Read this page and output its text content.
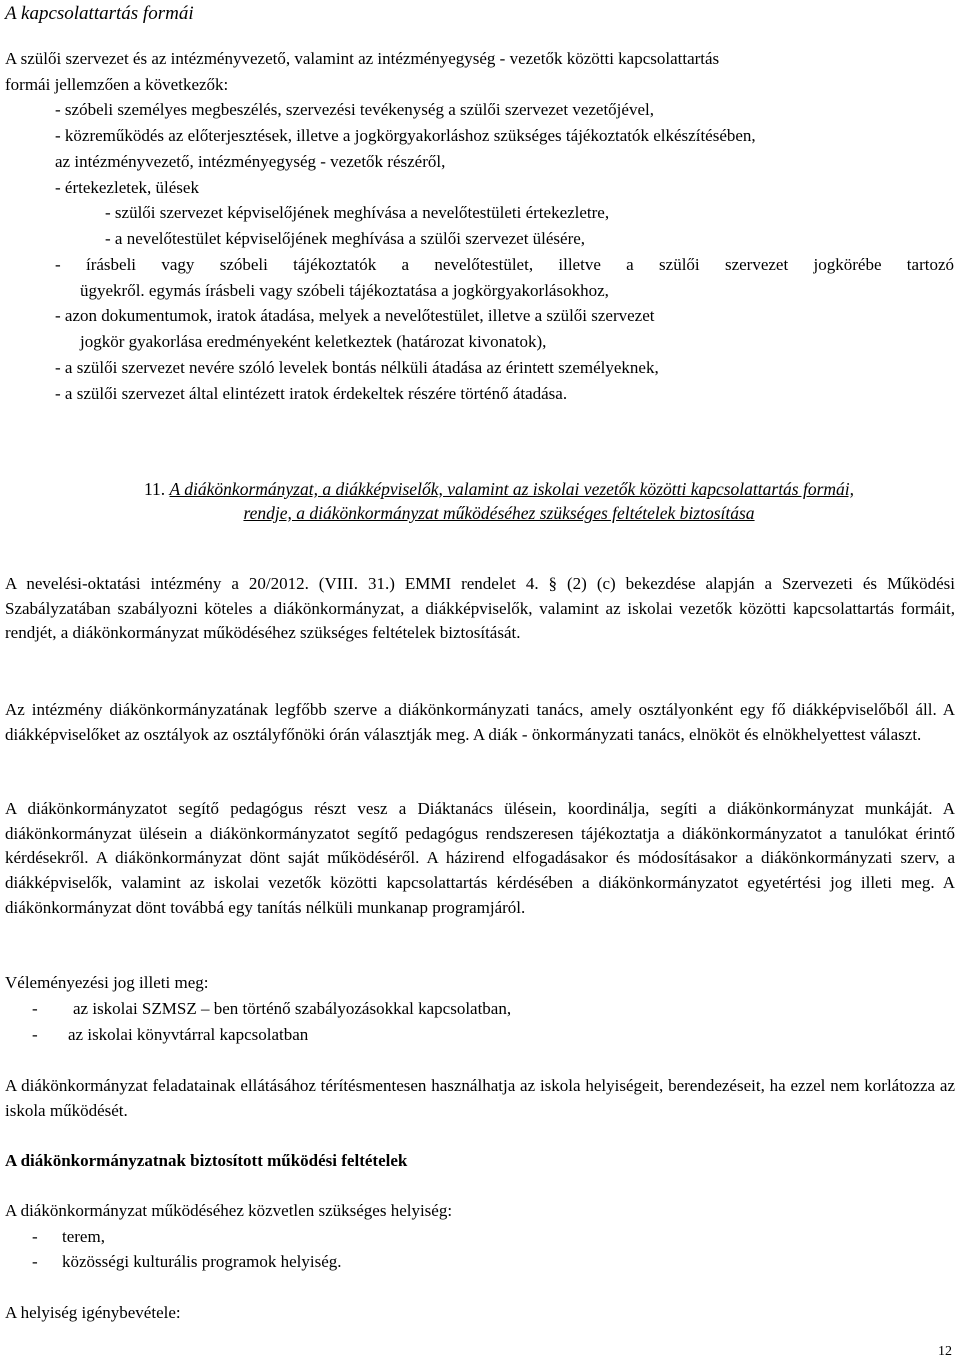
A kapcsolattartás formái
A szülői szervezet és az intézményvezető, valamint az intézményegység - vezetők közötti kapcsolattartás
formái jellemzően a következők:
- szóbeli személyes megbeszélés, szervezési tevékenység a szülői szervezet vezetőjével,
- közreműködés az előterjesztések, illetve a jogkörgyakorláshoz szükséges tájékoztatók elkészítésében,
az intézményvezető, intézményegység - vezetők részéről,
- értekezletek, ülések
- szülői szervezet képviselőjének meghívása a nevelőtestületi értekezletre,
- a nevelőtestület képviselőjének meghívása a szülői szervezet ülésére,
- írásbeli vagy szóbeli tájékoztatók a nevelőtestület, illetve a szülői szervezet jogkörébe tartozó
ügyekről. egymás írásbeli vagy szóbeli tájékoztatása a jogkörgyakorlásokhoz,
- azon dokumentumok, iratok átadása, melyek a nevelőtestület, illetve a szülői szervezet
jogkör gyakorlása eredményeként keletkeztek (határozat kivonatok),
- a szülői szervezet nevére szóló levelek bontás nélküli átadása az érintett személyeknek,
- a szülői szervezet által elintézett iratok érdekeltek részére történő átadása.
11. A diákönkormányzat, a diákképviselők, valamint az iskolai vezetők közötti kapcsolattartás formái,
rendje, a diákönkormányzat működéséhez szükséges feltételek biztosítása
A nevelési-oktatási intézmény a 20/2012. (VIII. 31.) EMMI rendelet 4. § (2) (c) bekezdése alapján a Szervezeti és Működési Szabályzatában szabályozni köteles a diákönkormányzat, a diákképviselők, valamint az iskolai vezetők közötti kapcsolattartás formáit, rendjét, a diákönkormányzat működéséhez szükséges feltételek biztosítását.
Az intézmény diákönkormányzatának legfőbb szerve a diákönkormányzati tanács, amely osztályonként egy fő diákképviselőből áll. A diákképviselőket az osztályok az osztályfőnöki órán választják meg. A diák - önkormányzati tanács, elnököt és elnökhelyettest választ.
A diákönkormányzatot segítő pedagógus részt vesz a Diáktanács ülésein, koordinálja, segíti a diákönkormányzat munkáját. A diákönkormányzat ülésein a diákönkormányzatot segítő pedagógus rendszeresen tájékoztatja a diákönkormányzatot a tanulókat érintő kérdésekről. A diákönkormányzat dönt saját működéséről. A házirend elfogadásakor és módosításakor a diákönkormányzati szerv, a diákképviselők, valamint az iskolai vezetők közötti kapcsolattartás kérdésében a diákönkormányzatot egyetértési jog illeti meg. A diákönkormányzat dönt továbbá egy tanítás nélküli munkanap programjáról.
Véleményezési jog illeti meg:
- az iskolai SZMSZ – ben történő szabályozásokkal kapcsolatban,
- az iskolai könyvtárral kapcsolatban
A diákönkormányzat feladatainak ellátásához térítésmentesen használhatja az iskola helyiségeit, berendezéseit, ha ezzel nem korlátozza az iskola működését.
A diákönkormányzatnak biztosított működési feltételek
A diákönkormányzat működéséhez közvetlen szükséges helyiség:
- terem,
- közösségi kulturális programok helyiség.
A helyiség igénybevétele:
12
